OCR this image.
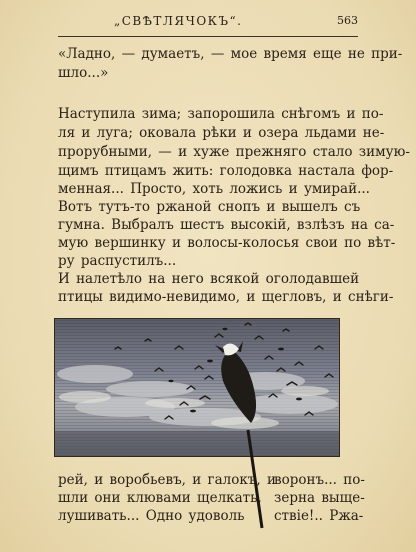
„СВѢТЛЯЧОКЪ“.	563
«Ладно, — думаетъ, — мое время еще не при-
шло...»
Наступила зима; запорошила снѣгомъ и по-
ля и луга; оковала рѣки и озера льдами не-
прорубными, — и хуже прежняго стало зимую-
щимъ птицамъ жить: голодовка настала фор-
менная... Просто, хоть ложись и умирай...
Вотъ тутъ-то ржаной снопъ и вышелъ съ
гумна. Выбралъ шестъ высокій, взлѣзъ на са-
мую вершинку и волосы-колосья свои по вѣт-
ру распустилъ...
И налетѣло на него всякой оголодавшей
птицы видимо-невидимо, и щегловъ, и снѣги-
рей, и воробьевъ, и галокъ, и
шли они клювами щелкать,
лушивать... Одно удоволь
воронъ... по-
зерна выще-
ствіе!.. Ржа-
